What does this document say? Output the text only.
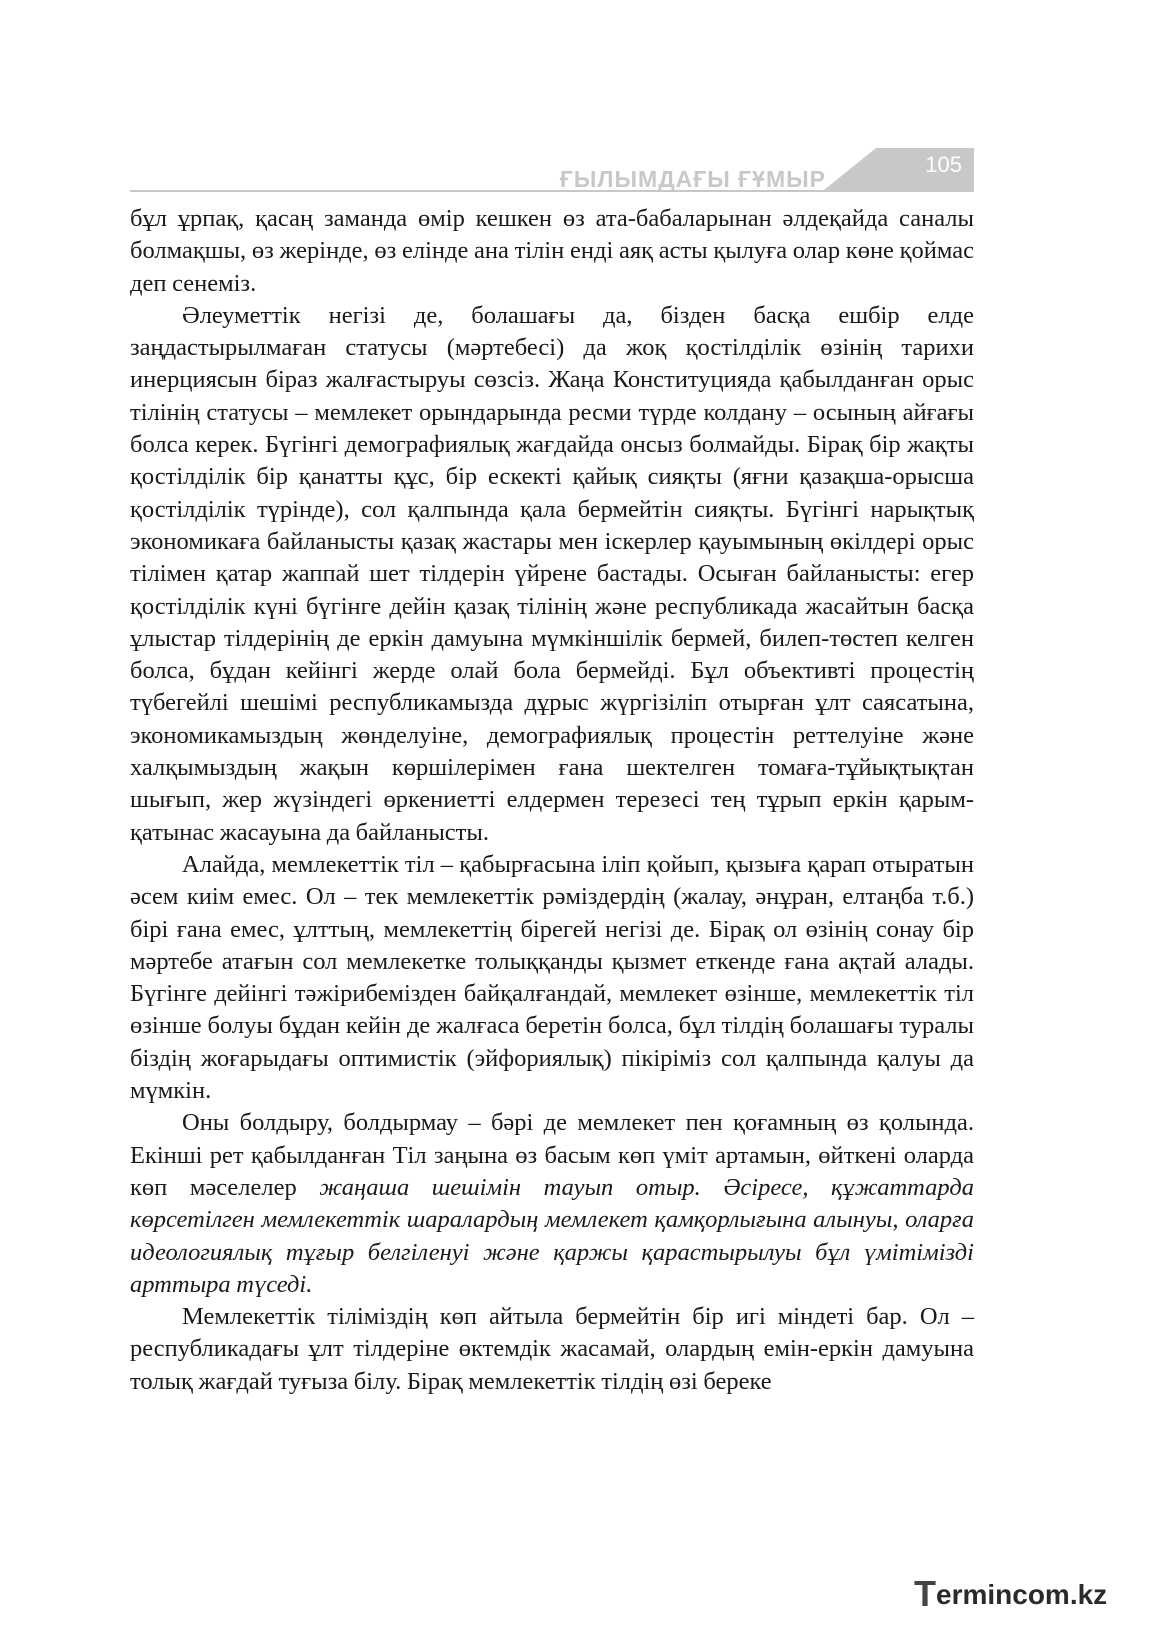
ҒЫЛЫМДАҒЫ ҒҰМЫР
105

бұл ұрпақ, қасаң заманда өмір кешкен өз ата-бабаларынан әлдеқайда саналы болмақшы, өз жерінде, өз елінде ана тілін енді аяқ асты қылуға олар көне қоймас деп сенеміз.

Әлеуметтік негізі де, болашағы да, бізден басқа ешбір елде заңдастырылмаған статусы (мәртебесі) да жоқ қостілділік өзінің тарихи инерциясын біраз жалғастыруы сөзсіз. Жаңа Конституцияда қабылданған орыс тілінің статусы – мемлекет орындарында ресми түрде колдану – осының айғағы болса керек. Бүгінгі демографиялық жағдайда онсыз болмайды. Бірақ бір жақты қостілділік бір қанатты құс, бір ескекті қайық сияқты (яғни қазақша-орысша қостілділік түрінде), сол қалпында қала бермейтін сияқты. Бүгінгі нарықтық экономикаға байланысты қазақ жастары мен іскерлер қауымының өкілдері орыс тілімен қатар жаппай шет тілдерін үйрене бастады. Осыған байланысты: егер қостілділік күні бүгінге дейін қазақ тілінің және республикада жасайтын басқа ұлыстар тілдерінің де еркін дамуына мүмкіншілік бермей, билеп-төстеп келген болса, бұдан кейінгі жерде олай бола бермейді. Бұл объективті процестің түбегейлі шешімі республикамызда дұрыс жүргізіліп отырған ұлт саясатына, экономикамыздың жөнделуіне, демографиялық процестін реттелуіне және халқымыздың жақын көршілерімен ғана шектелген томаға-тұйықтықтан шығып, жер жүзіндегі өркениетті елдермен терезесі тең тұрып еркін қарым-қатынас жасауына да байланысты.

Алайда, мемлекеттік тіл – қабырғасына іліп қойып, қызыға қарап отыратын әсем киім емес. Ол – тек мемлекеттік рәміздердің (жалау, әнұран, елтаңба т.б.) бірі ғана емес, ұлттың, мемлекеттің бірегей негізі де. Бірақ ол өзінің сонау бір мәртебе атағын сол мемлекетке толыққанды қызмет еткенде ғана ақтай алады. Бүгінге дейінгі тәжірибемізден байқалғандай, мемлекет өзінше, мемлекеттік тіл өзінше болуы бұдан кейін де жалғаса беретін болса, бұл тілдің болашағы туралы біздің жоғарыдағы оптимистік (эйфориялық) пікіріміз сол қалпында қалуы да мүмкін.

Оны болдыру, болдырмау – бәрі де мемлекет пен қоғамның өз қолында. Екінші рет қабылданған Тіл заңына өз басым көп үміт артамын, өйткені оларда көп мәселелер жаңаша шешімін тауып отыр. Әсіресе, құжаттарда көрсетілген мемлекеттік шаралардың мемлекет қамқорлығына алынуы, оларға идеологиялық тұғыр белгіленуі және қаржы қарастырылуы бұл үмітімізді арттыра түседі.

Мемлекеттік тіліміздің көп айтыла бермейтін бір игі міндеті бар. Ол – республикадағы ұлт тілдеріне өктемдік жасамай, олардың емін-еркін дамуына толық жағдай туғыза білу. Бірақ мемлекеттік тілдің өзі береке

T ermincom.kz
